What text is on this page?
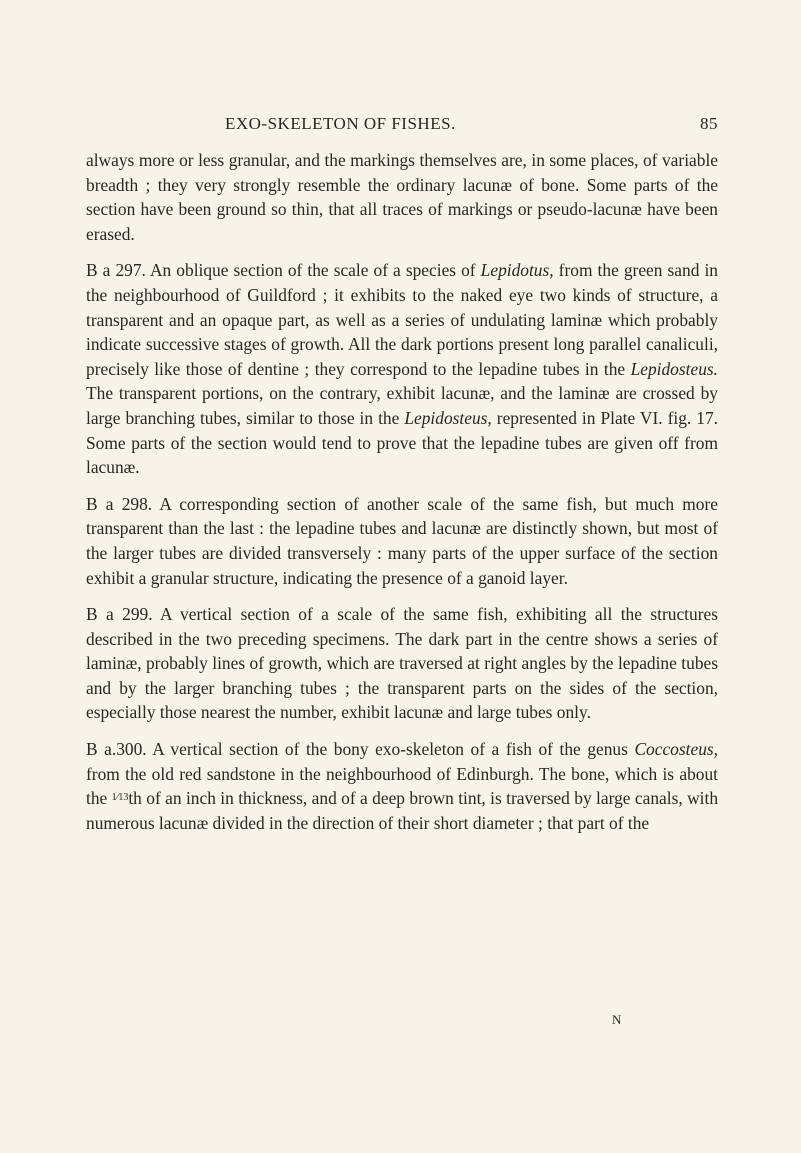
EXO-SKELETON OF FISHES.	85

always more or less granular, and the markings themselves are, in some places, of variable breadth ; they very strongly resemble the ordinary lacunæ of bone. Some parts of the section have been ground so thin, that all traces of markings or pseudo-lacunæ have been erased.

B a 297. An oblique section of the scale of a species of Lepidotus, from the green sand in the neighbourhood of Guildford ; it exhibits to the naked eye two kinds of structure, a transparent and an opaque part, as well as a series of undulating laminæ which probably indicate successive stages of growth. All the dark portions present long parallel canaliculi, precisely like those of dentine ; they correspond to the lepadine tubes in the Lepidosteus. The transparent portions, on the contrary, exhibit lacunæ, and the laminæ are crossed by large branching tubes, similar to those in the Lepidosteus, represented in Plate VI. fig. 17. Some parts of the section would tend to prove that the lepadine tubes are given off from lacunæ.

B a 298. A corresponding section of another scale of the same fish, but much more transparent than the last : the lepadine tubes and lacunæ are distinctly shown, but most of the larger tubes are divided transversely : many parts of the upper surface of the section exhibit a granular structure, indicating the presence of a ganoid layer.

B a 299. A vertical section of a scale of the same fish, exhibiting all the structures described in the two preceding specimens. The dark part in the centre shows a series of laminæ, probably lines of growth, which are traversed at right angles by the lepadine tubes and by the larger branching tubes ; the transparent parts on the sides of the section, especially those nearest the number, exhibit lacunæ and large tubes only.

B a.300. A vertical section of the bony exo-skeleton of a fish of the genus Coccosteus, from the old red sandstone in the neighbourhood of Edinburgh. The bone, which is about the 1⁄13th of an inch in thickness, and of a deep brown tint, is traversed by large canals, with numerous lacunæ divided in the direction of their short diameter ; that part of the

N
